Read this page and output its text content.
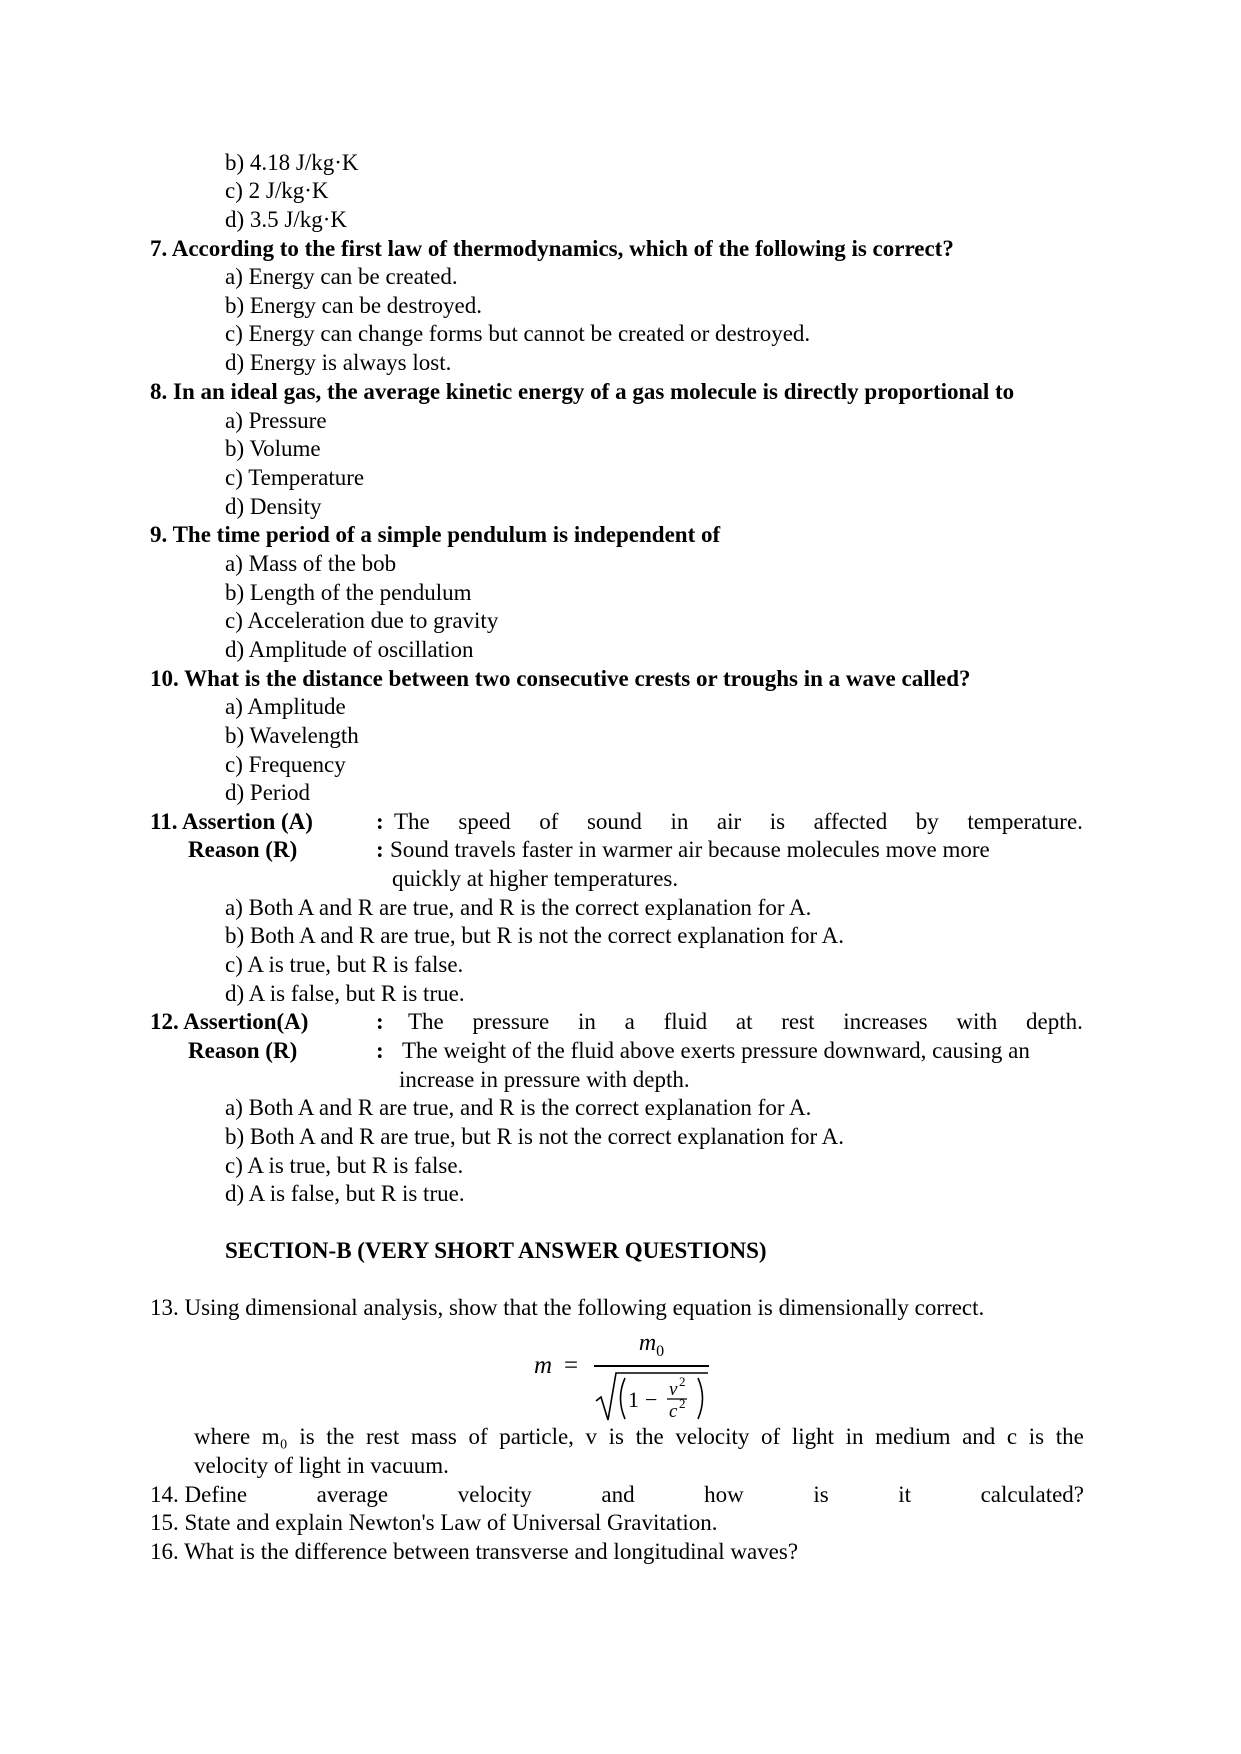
b) 4.18 J/kg·K
c) 2 J/kg·K
d) 3.5 J/kg·K
7. According to the first law of thermodynamics, which of the following is correct?
a) Energy can be created.
b) Energy can be destroyed.
c) Energy can change forms but cannot be created or destroyed.
d) Energy is always lost.
8. In an ideal gas, the average kinetic energy of a gas molecule is directly proportional to
a) Pressure
b) Volume
c) Temperature
d) Density
9. The time period of a simple pendulum is independent of
a) Mass of the bob
b) Length of the pendulum
c) Acceleration due to gravity
d) Amplitude of oscillation
10. What is the distance between two consecutive crests or troughs in a wave called?
a) Amplitude
b) Wavelength
c) Frequency
d) Period
11. Assertion (A)	: The speed of sound in air is affected by temperature.
Reason (R)	: Sound travels faster in warmer air because molecules move more
quickly at higher temperatures.
a) Both A and R are true, and R is the correct explanation for A.
b) Both A and R are true, but R is not the correct explanation for A.
c) A is true, but R is false.
d) A is false, but R is true.
12. Assertion(A)	: The pressure in a fluid at rest increases with depth.
Reason (R)	: The weight of the fluid above exerts pressure downward, causing an
increase in pressure with depth.
a) Both A and R are true, and R is the correct explanation for A.
b) Both A and R are true, but R is not the correct explanation for A.
c) A is true, but R is false.
d) A is false, but R is true.
SECTION-B (VERY SHORT ANSWER QUESTIONS)
13. Using dimensional analysis, show that the following equation is dimensionally correct.
m =
$m_0$
1 − v 2
c 2
where m₀ is the rest mass of particle, v is the velocity of light in medium and c is the
velocity of light in vacuum.
14. Define	average	velocity	and	how	is	it	calculated?
15. State and explain Newton's Law of Universal Gravitation.
16. What is the difference between transverse and longitudinal waves?
